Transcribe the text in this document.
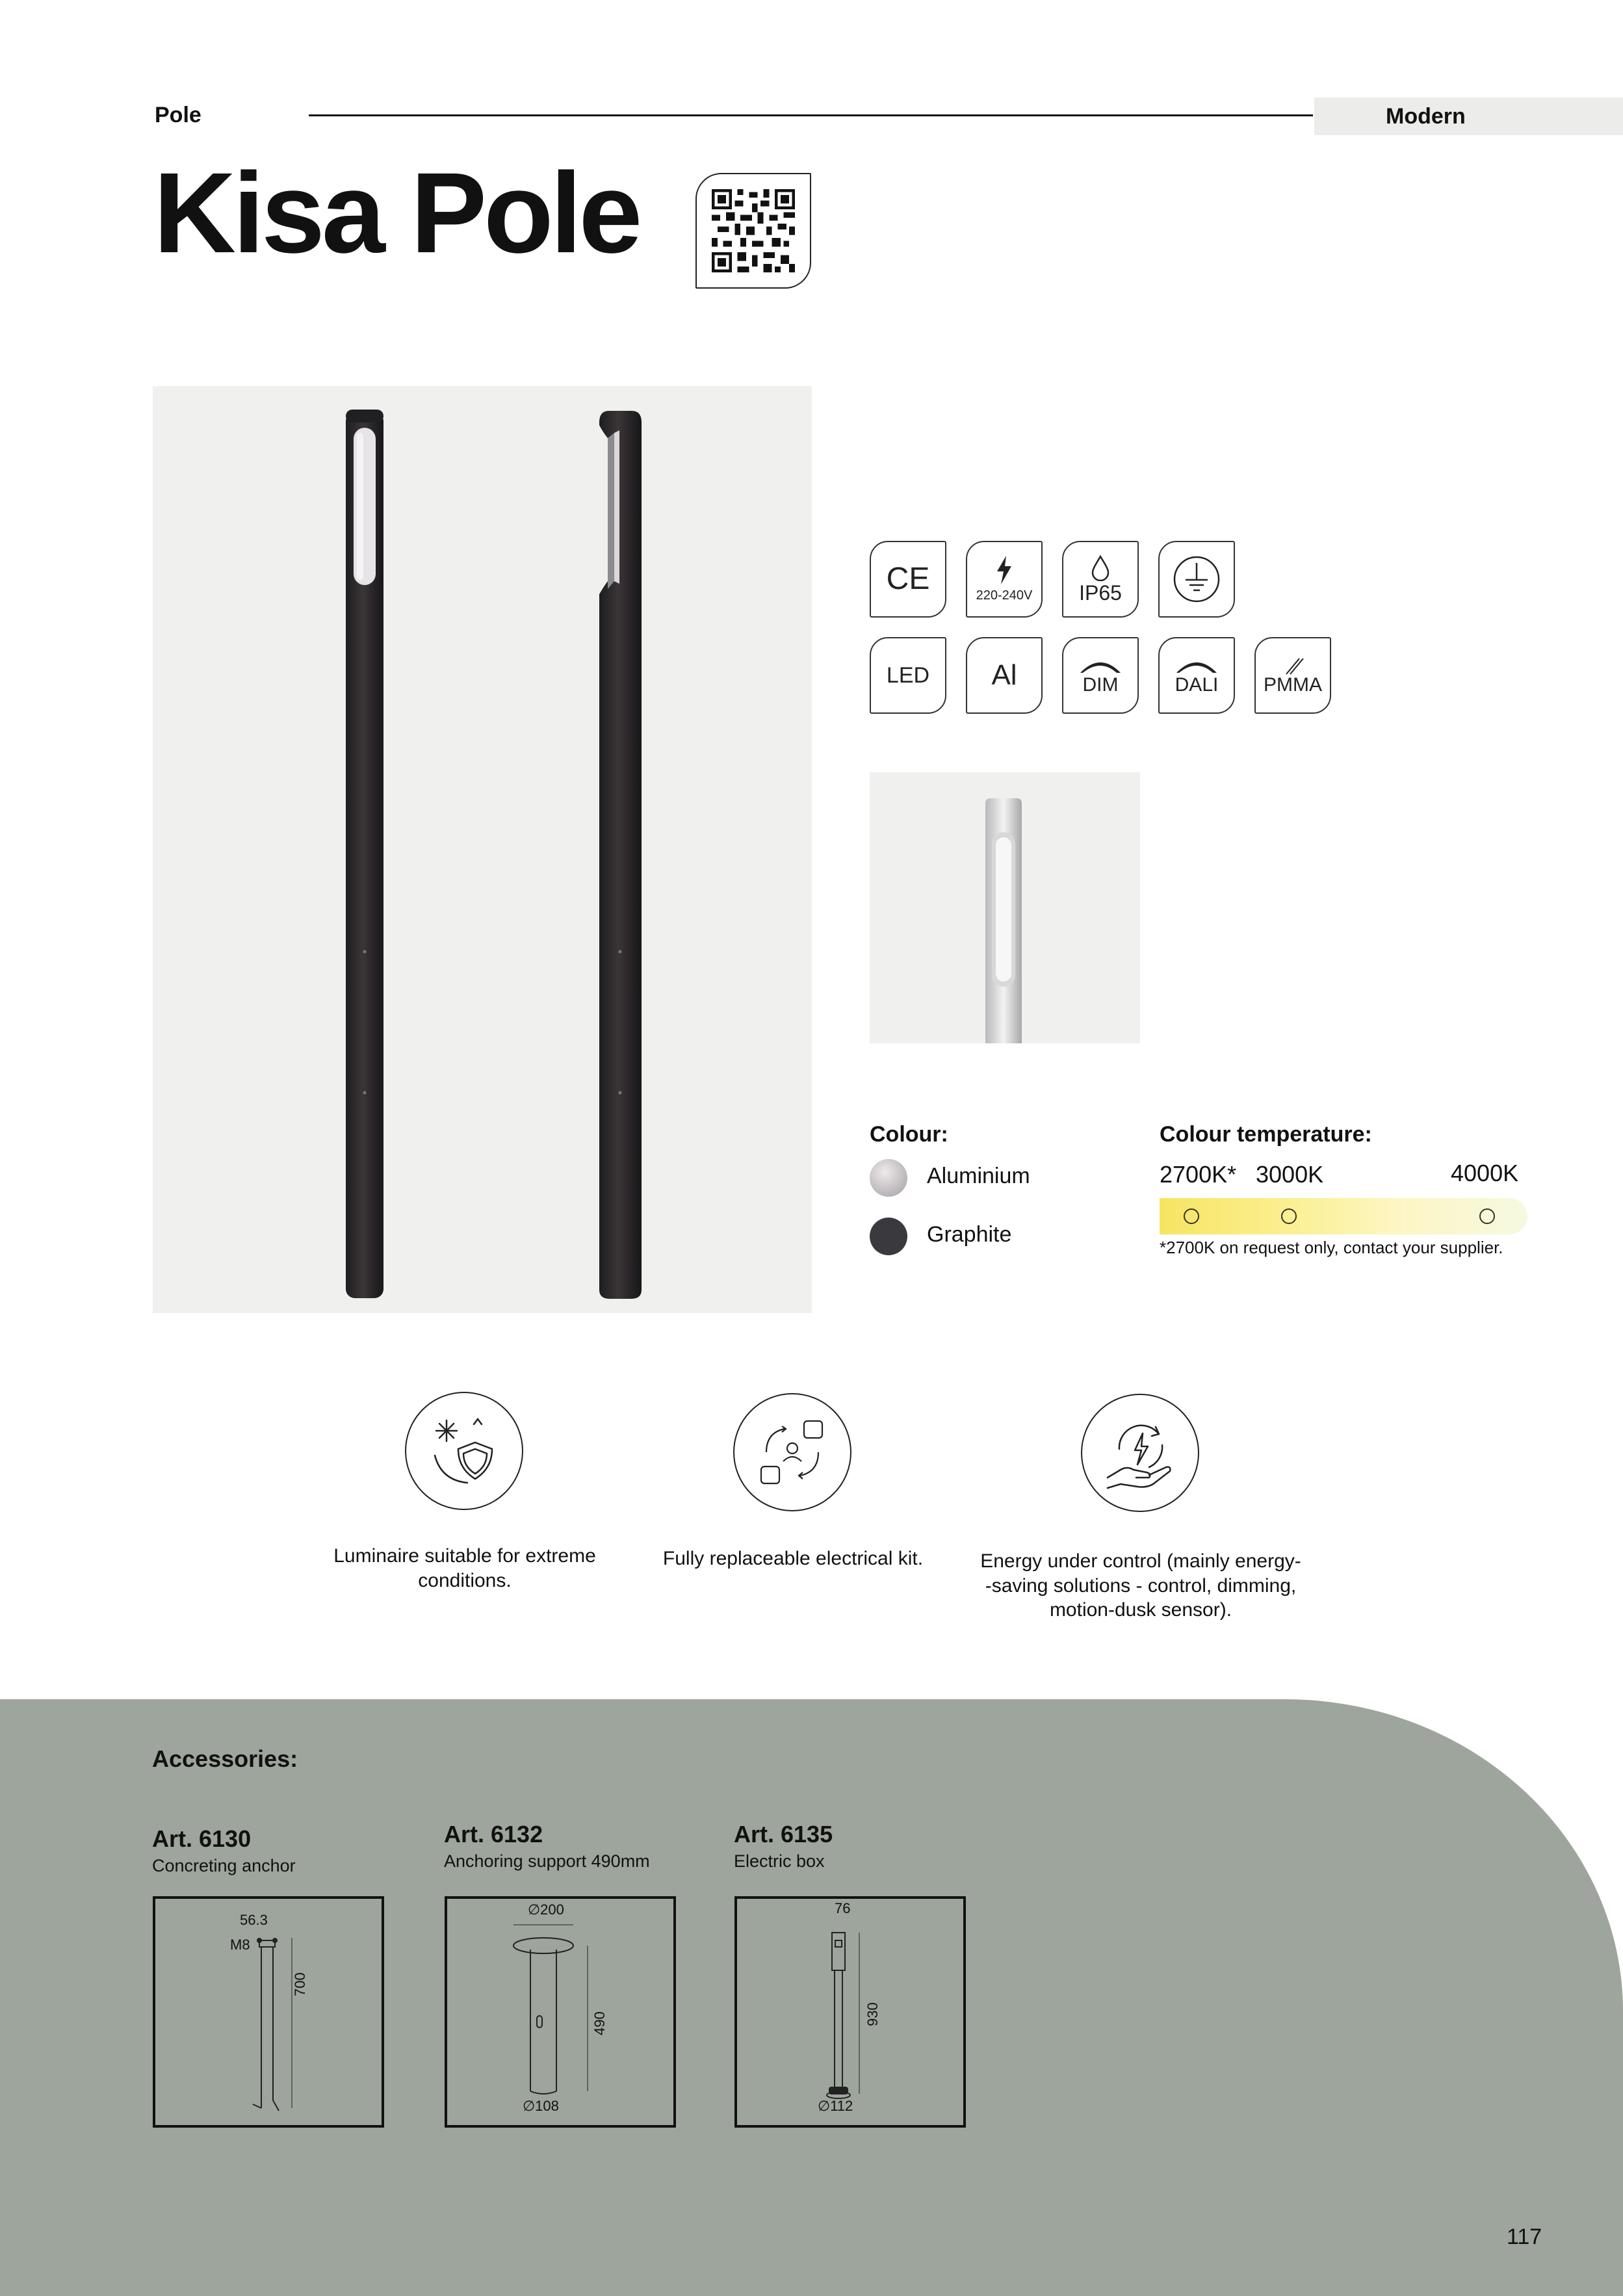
Pole	Modern
Kisa Pole
CE	220-240V IP65
LED Al	DIM	DALI PMMA
Colour:
Aluminium
Graphite
Colour temperature:
2700K* 3000K	4000K
*2700K on request only, contact your supplier.
Luminaire suitable for extreme
conditions.
Fully replaceable electrical kit.	Energy under control (mainly energy-
-saving solutions - control, dimming,
motion-dusk sensor).
Accessories:
Art. 6130
Concreting anchor
56.3
M8
700
Art. 6132
Anchoring support 490mm
∅200
490
∅108
Art. 6135
Electric box
76
930
∅112
117
